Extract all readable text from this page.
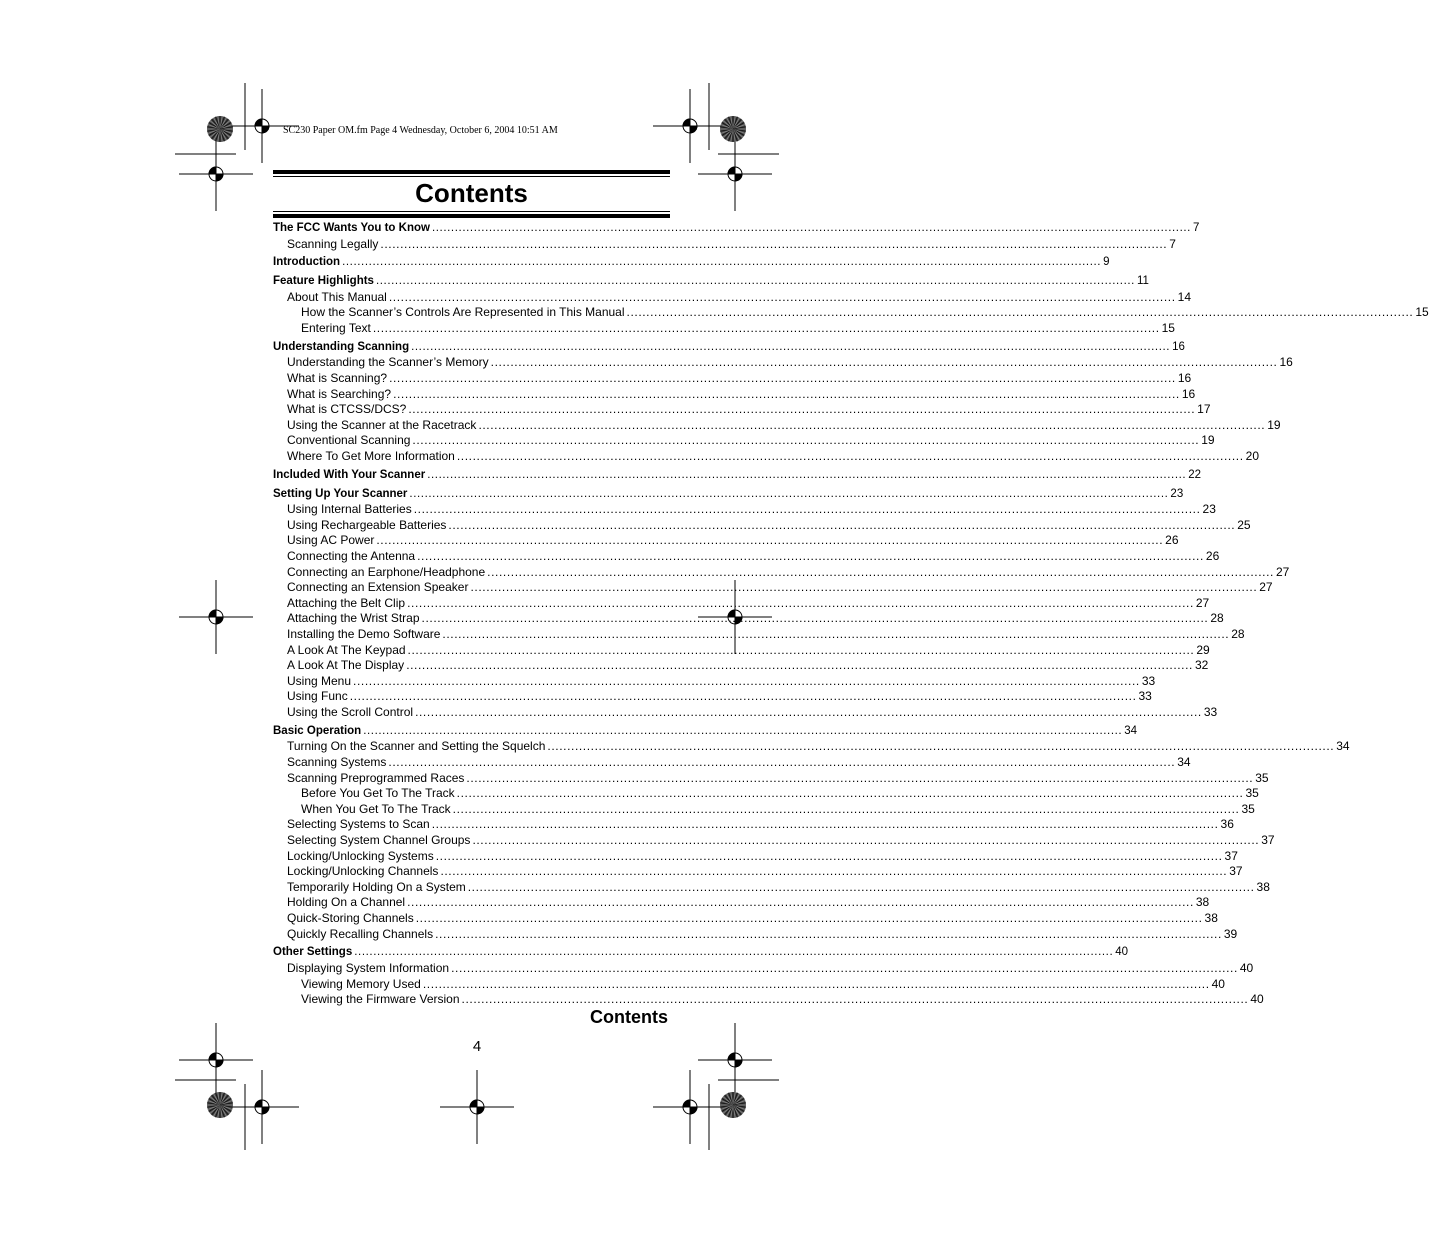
SC230 Paper OM.fm Page 4 Wednesday, October 6, 2004 10:51 AM
Contents
The FCC Wants You to Know ........................................................................................................................................................................................................ 7
Scanning Legally ........................................................................................................................................................................................................ 7
Introduction ........................................................................................................................................................................................................ 9
Feature Highlights ........................................................................................................................................................................................................ 11
About This Manual ........................................................................................................................................................................................................ 14
How the Scanner’s Controls Are Represented in This Manual ........................................................................................................................................................................................................ 15
Entering Text ........................................................................................................................................................................................................ 15
Understanding Scanning ........................................................................................................................................................................................................ 16
Understanding the Scanner’s Memory ........................................................................................................................................................................................................ 16
What is Scanning? ........................................................................................................................................................................................................ 16
What is Searching? ........................................................................................................................................................................................................ 16
What is CTCSS/DCS? ........................................................................................................................................................................................................ 17
Using the Scanner at the Racetrack ........................................................................................................................................................................................................ 19
Conventional Scanning ........................................................................................................................................................................................................ 19
Where To Get More Information ........................................................................................................................................................................................................ 20
Included With Your Scanner ........................................................................................................................................................................................................ 22
Setting Up Your Scanner ........................................................................................................................................................................................................ 23
Using Internal Batteries ........................................................................................................................................................................................................ 23
Using Rechargeable Batteries ........................................................................................................................................................................................................ 25
Using AC Power ........................................................................................................................................................................................................ 26
Connecting the Antenna ........................................................................................................................................................................................................ 26
Connecting an Earphone/Headphone ........................................................................................................................................................................................................ 27
Connecting an Extension Speaker ........................................................................................................................................................................................................ 27
Attaching the Belt Clip ........................................................................................................................................................................................................ 27
Attaching the Wrist Strap ........................................................................................................................................................................................................ 28
Installing the Demo Software ........................................................................................................................................................................................................ 28
A Look At The Keypad ........................................................................................................................................................................................................ 29
A Look At The Display ........................................................................................................................................................................................................ 32
Using Menu ........................................................................................................................................................................................................ 33
Using Func ........................................................................................................................................................................................................ 33
Using the Scroll Control ........................................................................................................................................................................................................ 33
Basic Operation ........................................................................................................................................................................................................ 34
Turning On the Scanner and Setting the Squelch ........................................................................................................................................................................................................ 34
Scanning Systems ........................................................................................................................................................................................................ 34
Scanning Preprogrammed Races ........................................................................................................................................................................................................ 35
Before You Get To The Track ........................................................................................................................................................................................................ 35
When You Get To The Track ........................................................................................................................................................................................................ 35
Selecting Systems to Scan ........................................................................................................................................................................................................ 36
Selecting System Channel Groups ........................................................................................................................................................................................................ 37
Locking/Unlocking Systems ........................................................................................................................................................................................................ 37
Locking/Unlocking Channels ........................................................................................................................................................................................................ 37
Temporarily Holding On a System ........................................................................................................................................................................................................ 38
Holding On a Channel ........................................................................................................................................................................................................ 38
Quick-Storing Channels ........................................................................................................................................................................................................ 38
Quickly Recalling Channels ........................................................................................................................................................................................................ 39
Other Settings ........................................................................................................................................................................................................ 40
Displaying System Information ........................................................................................................................................................................................................ 40
Viewing Memory Used ........................................................................................................................................................................................................ 40
Viewing the Firmware Version ........................................................................................................................................................................................................ 40
Contents
4
